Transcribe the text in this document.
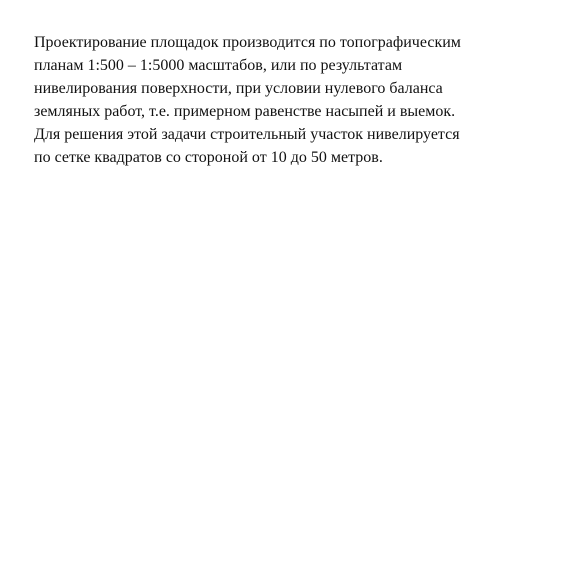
Проектирование площадок производится по топографическим
планам 1:500 – 1:5000 масштабов, или по результатам
нивелирования поверхности, при условии нулевого баланса
земляных работ, т.е. примерном равенстве насыпей и выемок.
Для решения этой задачи строительный участок нивелируется
по сетке квадратов со стороной от 10 до 50 метров.
